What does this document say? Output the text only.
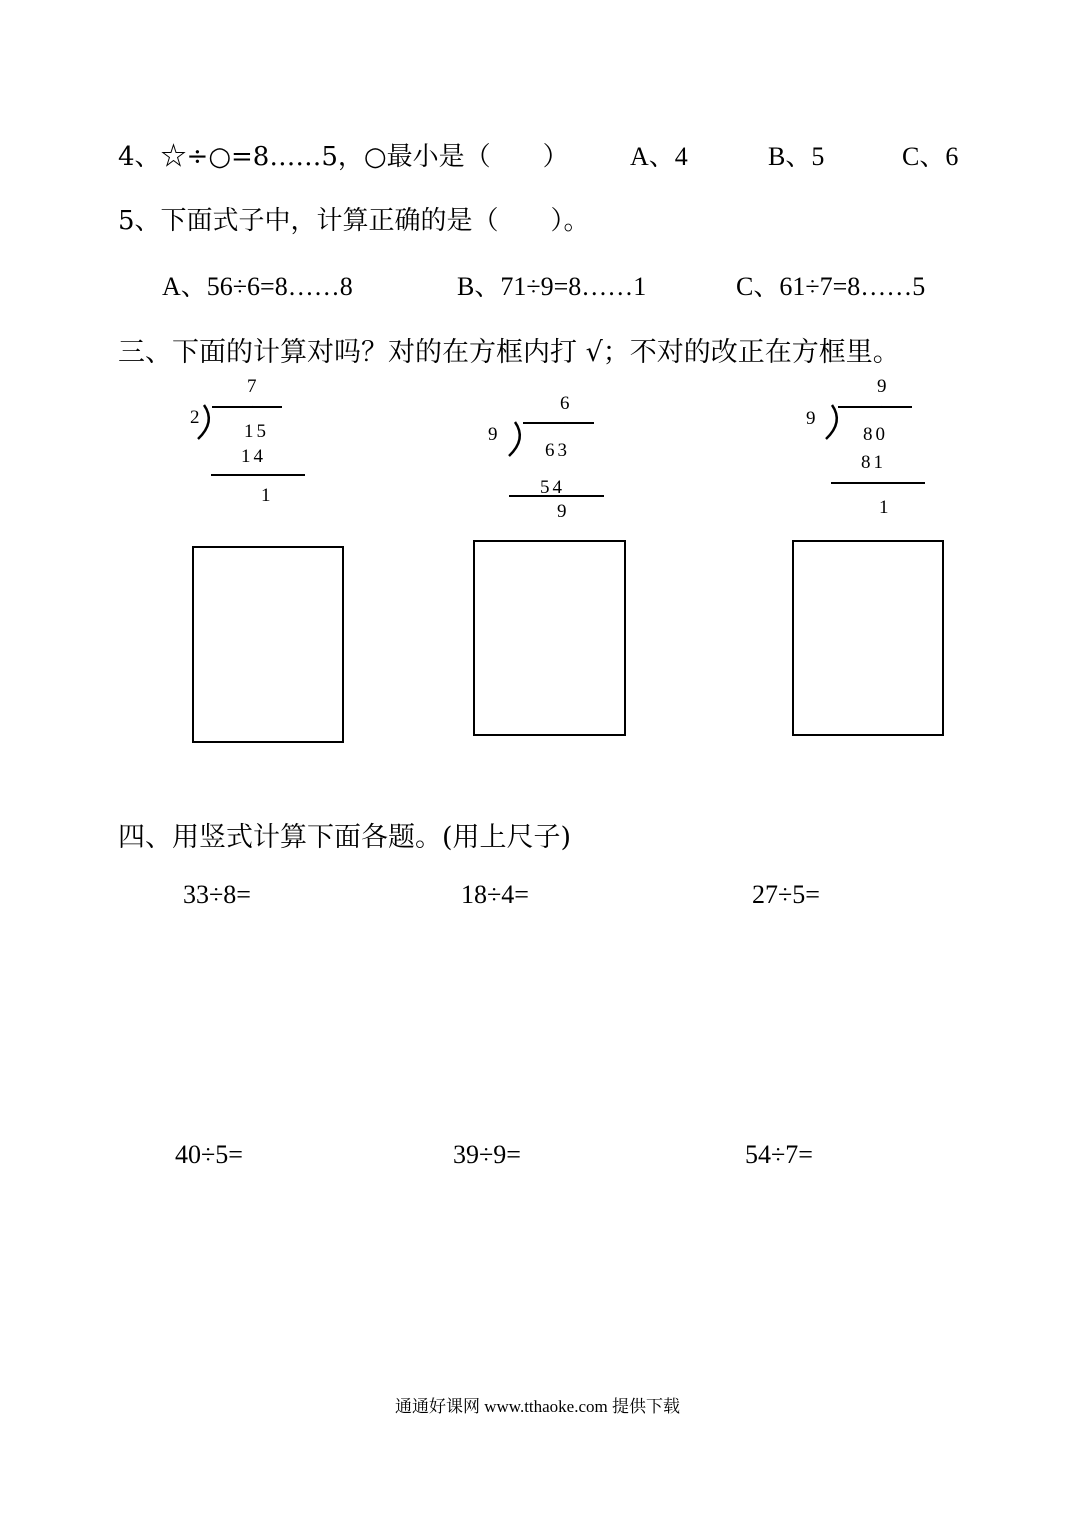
4、☆÷○=8……5，○最小是（　　） A、4	B、5	C、6
5、下面式子中，计算正确的是（　　）。
A、56÷6=8……8	B、71÷9=8……1	C、61÷7=8……5
三、下面的计算对吗？对的在方框内打 √；不对的改正在方框里。
7
2	·
15
14
1
6
9
·
63
54
9
9
9
·
80
81
1
四、用竖式计算下面各题。(用上尺子)
33÷8=	18÷4=	27÷5=
40÷5=	39÷9=	54÷7=
通通好课网 www.tthaoke.com 提供下载
